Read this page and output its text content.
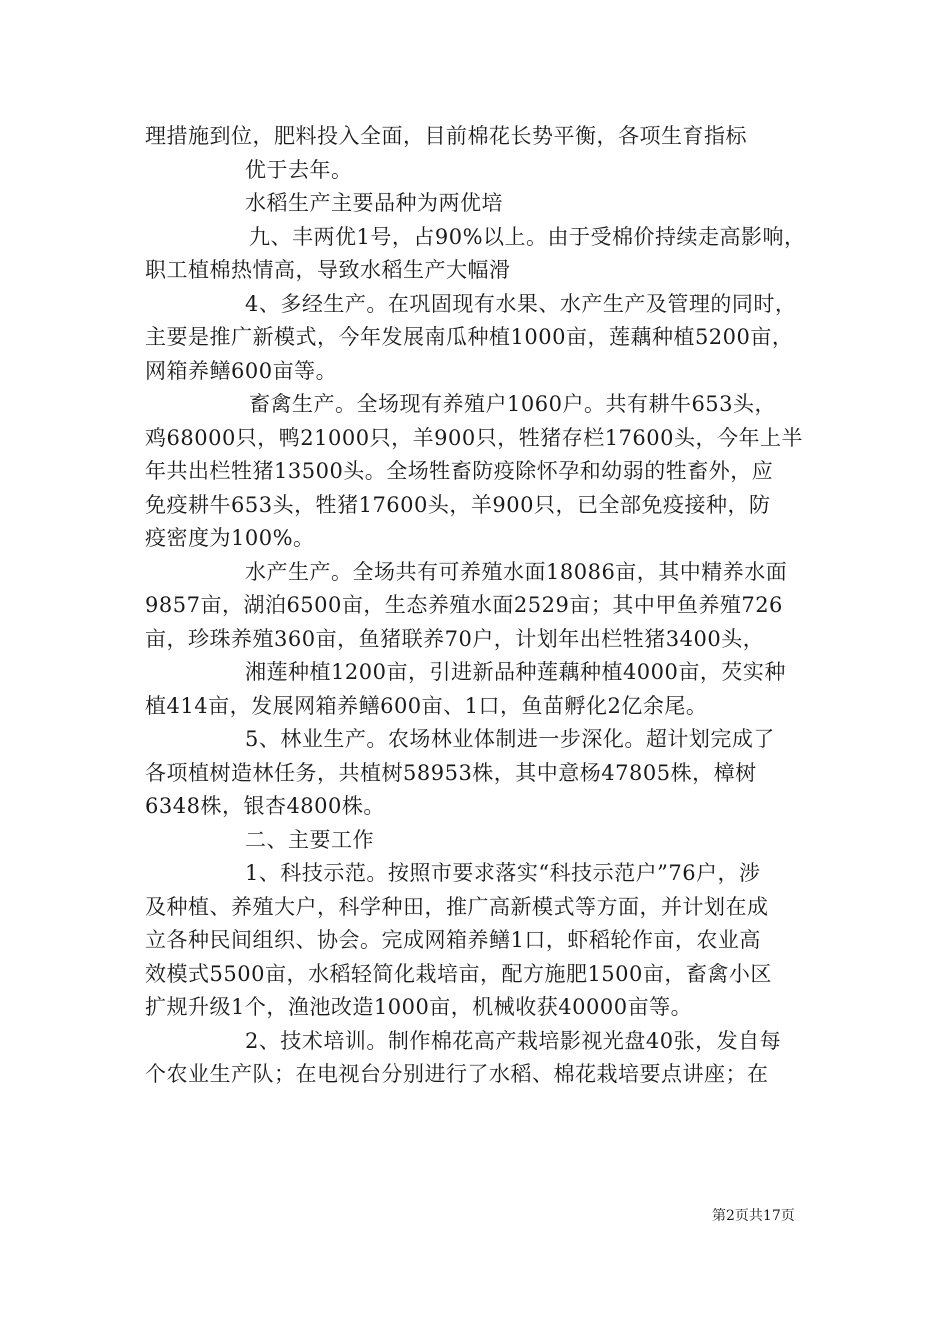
理措施到位，肥料投入全面，目前棉花长势平衡，各项生育指标
优于去年。
水稻生产主要品种为两优培
九、丰两优1号，占90%以上。由于受棉价持续走高影响，
职工植棉热情高，导致水稻生产大幅滑
4、多经生产。在巩固现有水果、水产生产及管理的同时，
主要是推广新模式，今年发展南瓜种植1000亩，莲藕种植5200亩，
网箱养鳝600亩等。
畜禽生产。全场现有养殖户1060户。共有耕牛653头，
鸡68000只，鸭21000只，羊900只，牲猪存栏17600头，今年上半
年共出栏牲猪13500头。全场牲畜防疫除怀孕和幼弱的牲畜外，应
免疫耕牛653头，牲猪17600头，羊900只，已全部免疫接种，防
疫密度为100%。
水产生产。全场共有可养殖水面18086亩，其中精养水面
9857亩，湖泊6500亩，生态养殖水面2529亩；其中甲鱼养殖726
亩，珍珠养殖360亩，鱼猪联养70户，计划年出栏牲猪3400头，
湘莲种植1200亩，引进新品种莲藕种植4000亩，芡实种
植414亩，发展网箱养鳝600亩、1口，鱼苗孵化2亿余尾。
5、林业生产。农场林业体制进一步深化。超计划完成了
各项植树造林任务，共植树58953株，其中意杨47805株，樟树
6348株，银杏4800株。
二、主要工作
1、科技示范。按照市要求落实“科技示范户”76户，涉
及种植、养殖大户，科学种田，推广高新模式等方面，并计划在成
立各种民间组织、协会。完成网箱养鳝1口，虾稻轮作亩，农业高
效模式5500亩，水稻轻简化栽培亩，配方施肥1500亩，畜禽小区
扩规升级1个，渔池改造1000亩，机械收获40000亩等。
2、技术培训。制作棉花高产栽培影视光盘40张，发自每
个农业生产队；在电视台分别进行了水稻、棉花栽培要点讲座；在
第2页共17页
